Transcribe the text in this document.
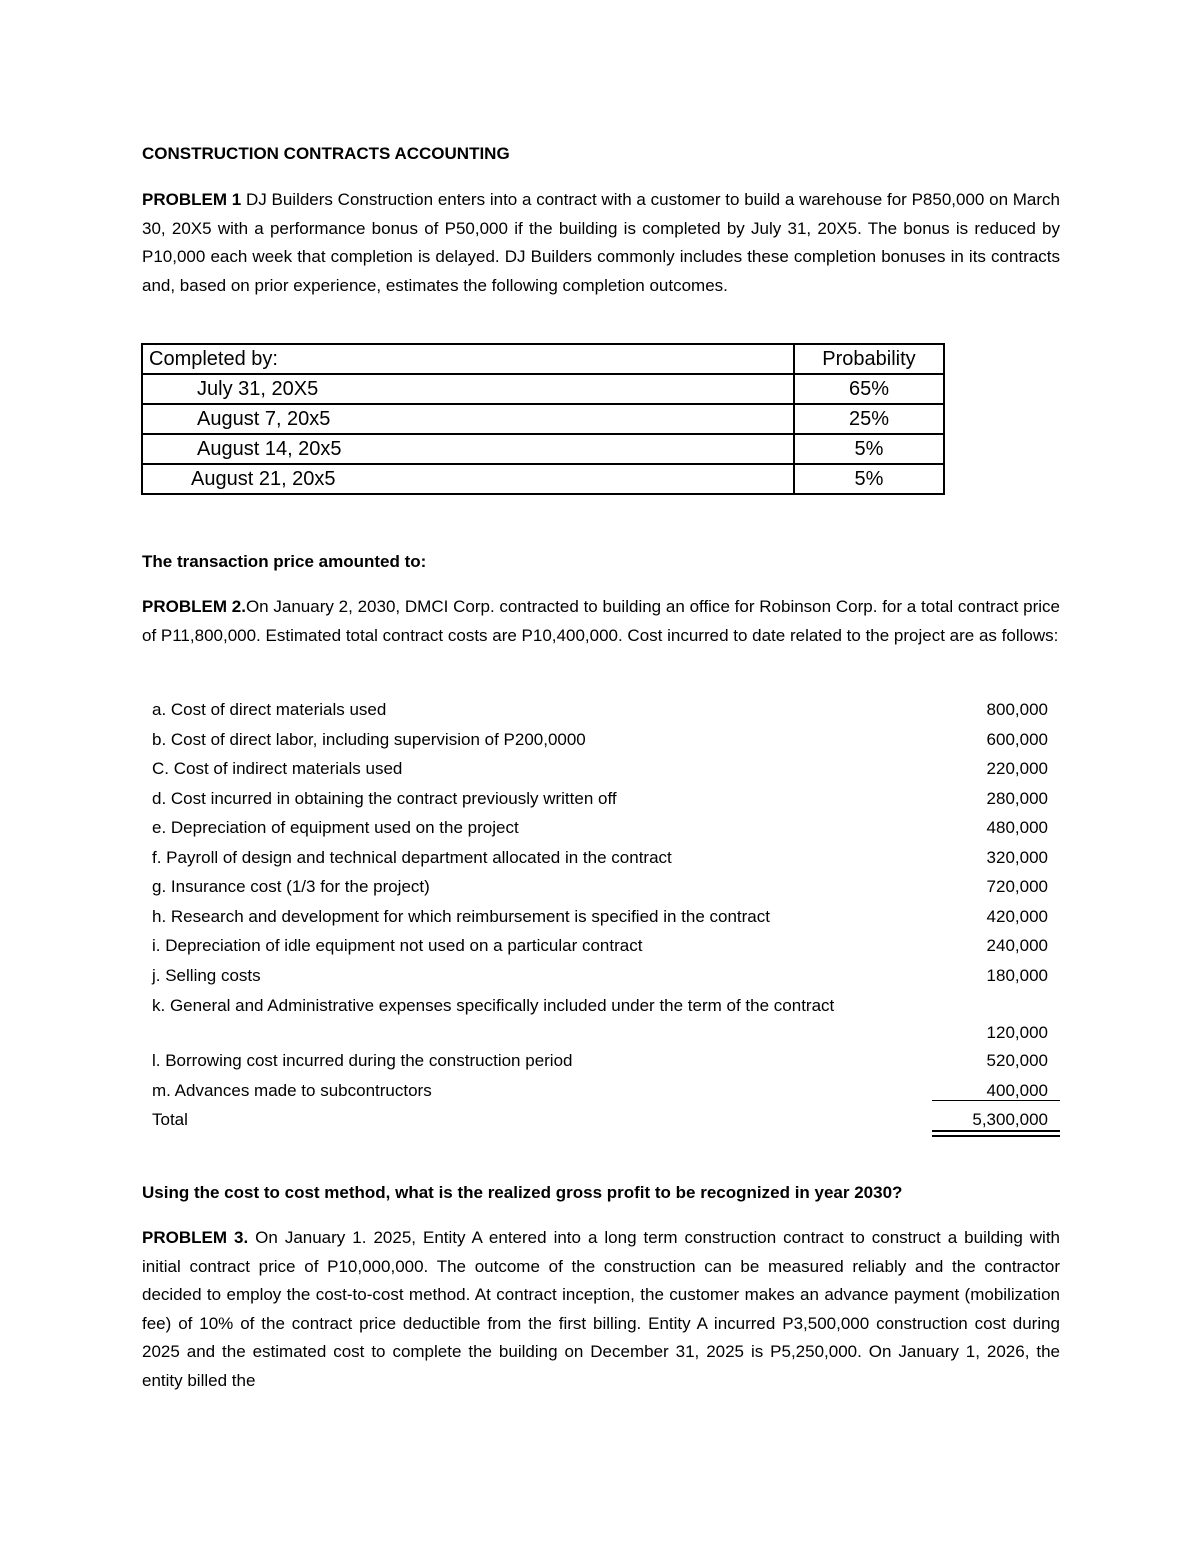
CONSTRUCTION CONTRACTS ACCOUNTING
PROBLEM 1 DJ Builders Construction enters into a contract with a customer to build a warehouse for P850,000 on March 30, 20X5 with a performance bonus of P50,000 if the building is completed by July 31, 20X5. The bonus is reduced by P10,000 each week that completion is delayed. DJ Builders commonly includes these completion bonuses in its contracts and, based on prior experience, estimates the following completion outcomes.
Completed by:	Probability
July 31, 20X5	65%
August 7, 20x5	25%
August 14, 20x5	5%
August 21, 20x5	5%
The transaction price amounted to:
PROBLEM 2.On January 2, 2030, DMCI Corp. contracted to building an office for Robinson Corp. for a total contract price of P11,800,000. Estimated total contract costs are P10,400,000. Cost incurred to date related to the project are as follows:
a. Cost of direct materials used	800,000
b. Cost of direct labor, including supervision of P200,0000	600,000
C. Cost of indirect materials used	220,000
d. Cost incurred in obtaining the contract previously written off	280,000
e. Depreciation of equipment used on the project	480,000
f. Payroll of design and technical department allocated in the contract	320,000
g. Insurance cost (1/3 for the project)	720,000
h. Research and development for which reimbursement is specified in the contract	420,000
i. Depreciation of idle equipment not used on a particular contract	240,000
j. Selling costs	180,000
k. General and Administrative expenses specifically included under the term of the contract
120,000
l. Borrowing cost incurred during the construction period	520,000
m. Advances made to subcontructors	400,000
Total	5,300,000
Using the cost to cost method, what is the realized gross profit to be recognized in year 2030?
PROBLEM 3. On January 1. 2025, Entity A entered into a long term construction contract to construct a building with initial contract price of P10,000,000. The outcome of the construction can be measured reliably and the contractor decided to employ the cost-to-cost method. At contract inception, the customer makes an advance payment (mobilization fee) of 10% of the contract price deductible from the first billing. Entity A incurred P3,500,000 construction cost during 2025 and the estimated cost to complete the building on December 31, 2025 is P5,250,000. On January 1, 2026, the entity billed the
